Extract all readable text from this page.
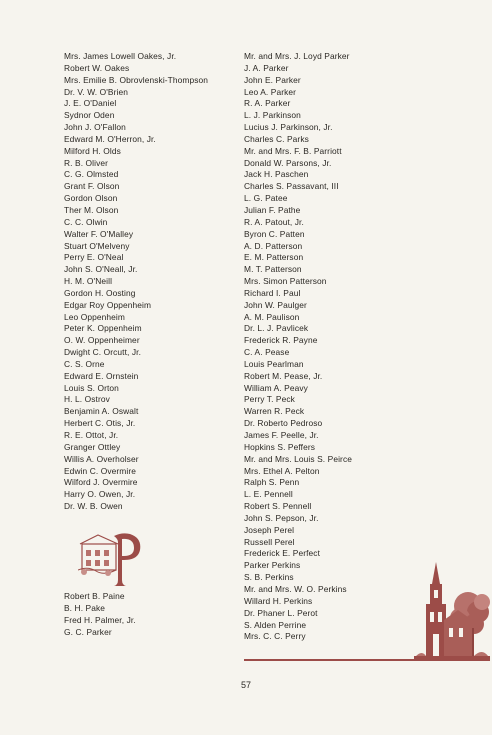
Mrs. James Lowell Oakes, Jr.
Robert W. Oakes
Mrs. Emilie B. Obrovlenski-Thompson
Dr. V. W. O'Brien
J. E. O'Daniel
Sydnor Oden
John J. O'Fallon
Edward M. O'Herron, Jr.
Milford H. Olds
R. B. Oliver
C. G. Olmsted
Grant F. Olson
Gordon Olson
Ther M. Olson
C. C. Olwin
Walter F. O'Malley
Stuart O'Melveny
Perry E. O'Neal
John S. O'Neall, Jr.
H. M. O'Neill
Gordon H. Oosting
Edgar Roy Oppenheim
Leo Oppenheim
Peter K. Oppenheim
O. W. Oppenheimer
Dwight C. Orcutt, Jr.
C. S. Orne
Edward E. Ornstein
Louis S. Orton
H. L. Ostrov
Benjamin A. Oswalt
Herbert C. Otis, Jr.
R. E. Ottot, Jr.
Granger Ottley
Willis A. Overholser
Edwin C. Overmire
Wilford J. Overmire
Harry O. Owen, Jr.
Dr. W. B. Owen
Robert B. Paine
B. H. Pake
Fred H. Palmer, Jr.
G. C. Parker
Mr. and Mrs. J. Loyd Parker
J. A. Parker
John E. Parker
Leo A. Parker
R. A. Parker
L. J. Parkinson
Lucius J. Parkinson, Jr.
Charles C. Parks
Mr. and Mrs. F. B. Parriott
Donald W. Parsons, Jr.
Jack H. Paschen
Charles S. Passavant, III
L. G. Patee
Julian F. Pathe
R. A. Patout, Jr.
Byron C. Patten
A. D. Patterson
E. M. Patterson
M. T. Patterson
Mrs. Simon Patterson
Richard I. Paul
John W. Paulger
A. M. Paulison
Dr. L. J. Pavlicek
Frederick R. Payne
C. A. Pease
Louis Pearlman
Robert M. Pease, Jr.
William A. Peavy
Perry T. Peck
Warren R. Peck
Dr. Roberto Pedroso
James F. Peelle, Jr.
Hopkins S. Peffers
Mr. and Mrs. Louis S. Peirce
Mrs. Ethel A. Pelton
Ralph S. Penn
L. E. Pennell
Robert S. Pennell
John S. Pepson, Jr.
Joseph Perel
Russell Perel
Frederick E. Perfect
Parker Perkins
S. B. Perkins
Mr. and Mrs. W. O. Perkins
Willard H. Perkins
Dr. Phaner L. Perot
S. Alden Perrine
Mrs. C. C. Perry
57
